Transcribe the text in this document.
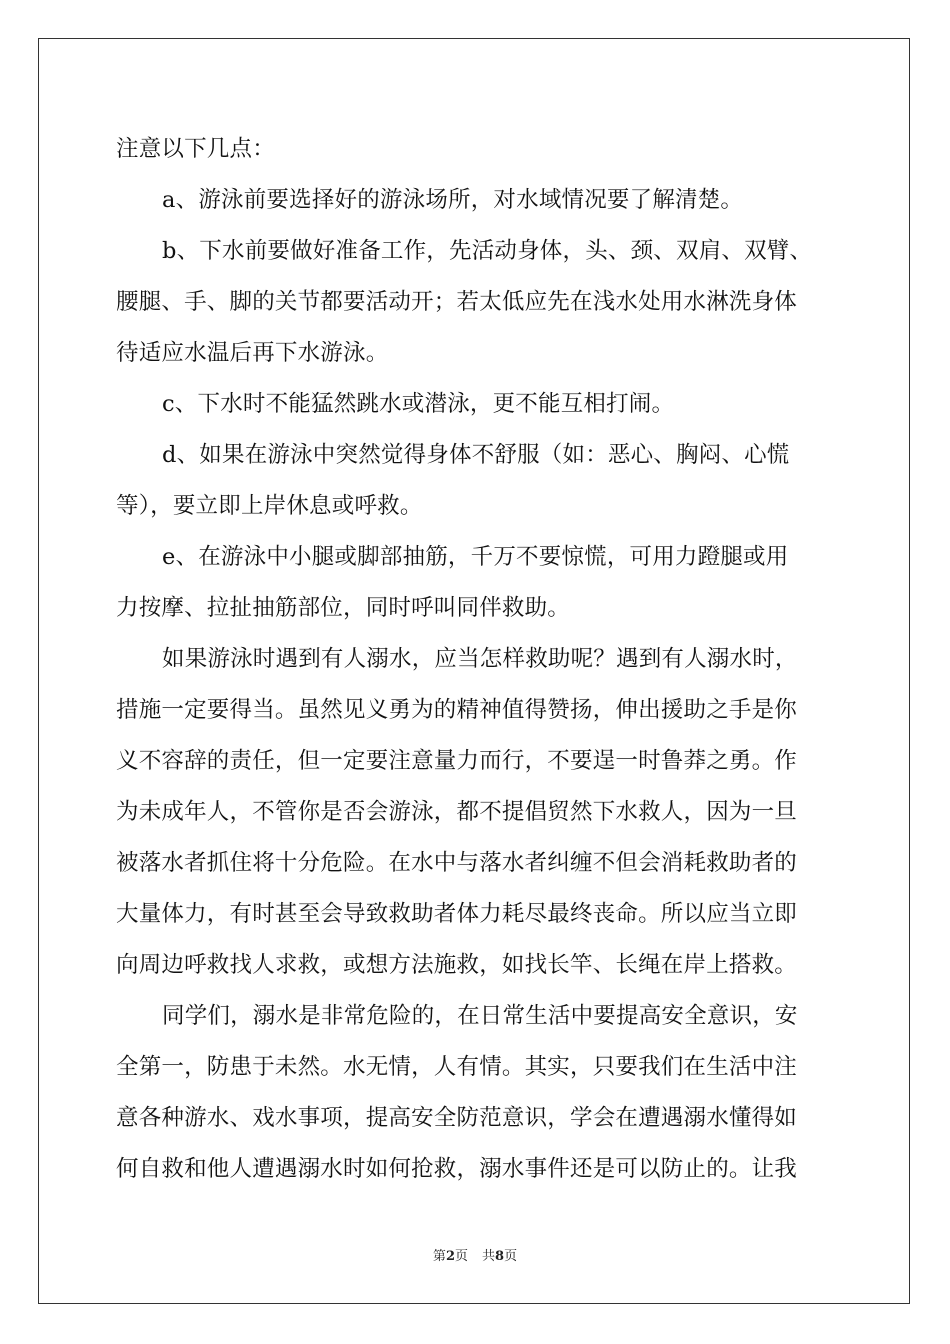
注意以下几点：
a、游泳前要选择好的游泳场所，对水域情况要了解清楚。
b、下水前要做好准备工作，先活动身体，头、颈、双肩、双臂、
腰腿、手、脚的关节都要活动开；若太低应先在浅水处用水淋洗身体
待适应水温后再下水游泳。
c、下水时不能猛然跳水或潜泳，更不能互相打闹。
d、如果在游泳中突然觉得身体不舒服（如：恶心、胸闷、心慌
等），要立即上岸休息或呼救。
e、在游泳中小腿或脚部抽筋，千万不要惊慌，可用力蹬腿或用
力按摩、拉扯抽筋部位，同时呼叫同伴救助。
如果游泳时遇到有人溺水，应当怎样救助呢？遇到有人溺水时，
措施一定要得当。虽然见义勇为的精神值得赞扬，伸出援助之手是你
义不容辞的责任，但一定要注意量力而行，不要逞一时鲁莽之勇。作
为未成年人，不管你是否会游泳，都不提倡贸然下水救人，因为一旦
被落水者抓住将十分危险。在水中与落水者纠缠不但会消耗救助者的
大量体力，有时甚至会导致救助者体力耗尽最终丧命。所以应当立即
向周边呼救找人求救，或想方法施救，如找长竿、长绳在岸上搭救。
同学们，溺水是非常危险的，在日常生活中要提高安全意识，安
全第一，防患于未然。水无情，人有情。其实，只要我们在生活中注
意各种游水、戏水事项，提高安全防范意识，学会在遭遇溺水懂得如
何自救和他人遭遇溺水时如何抢救，溺水事件还是可以防止的。让我
第2页 共8页
